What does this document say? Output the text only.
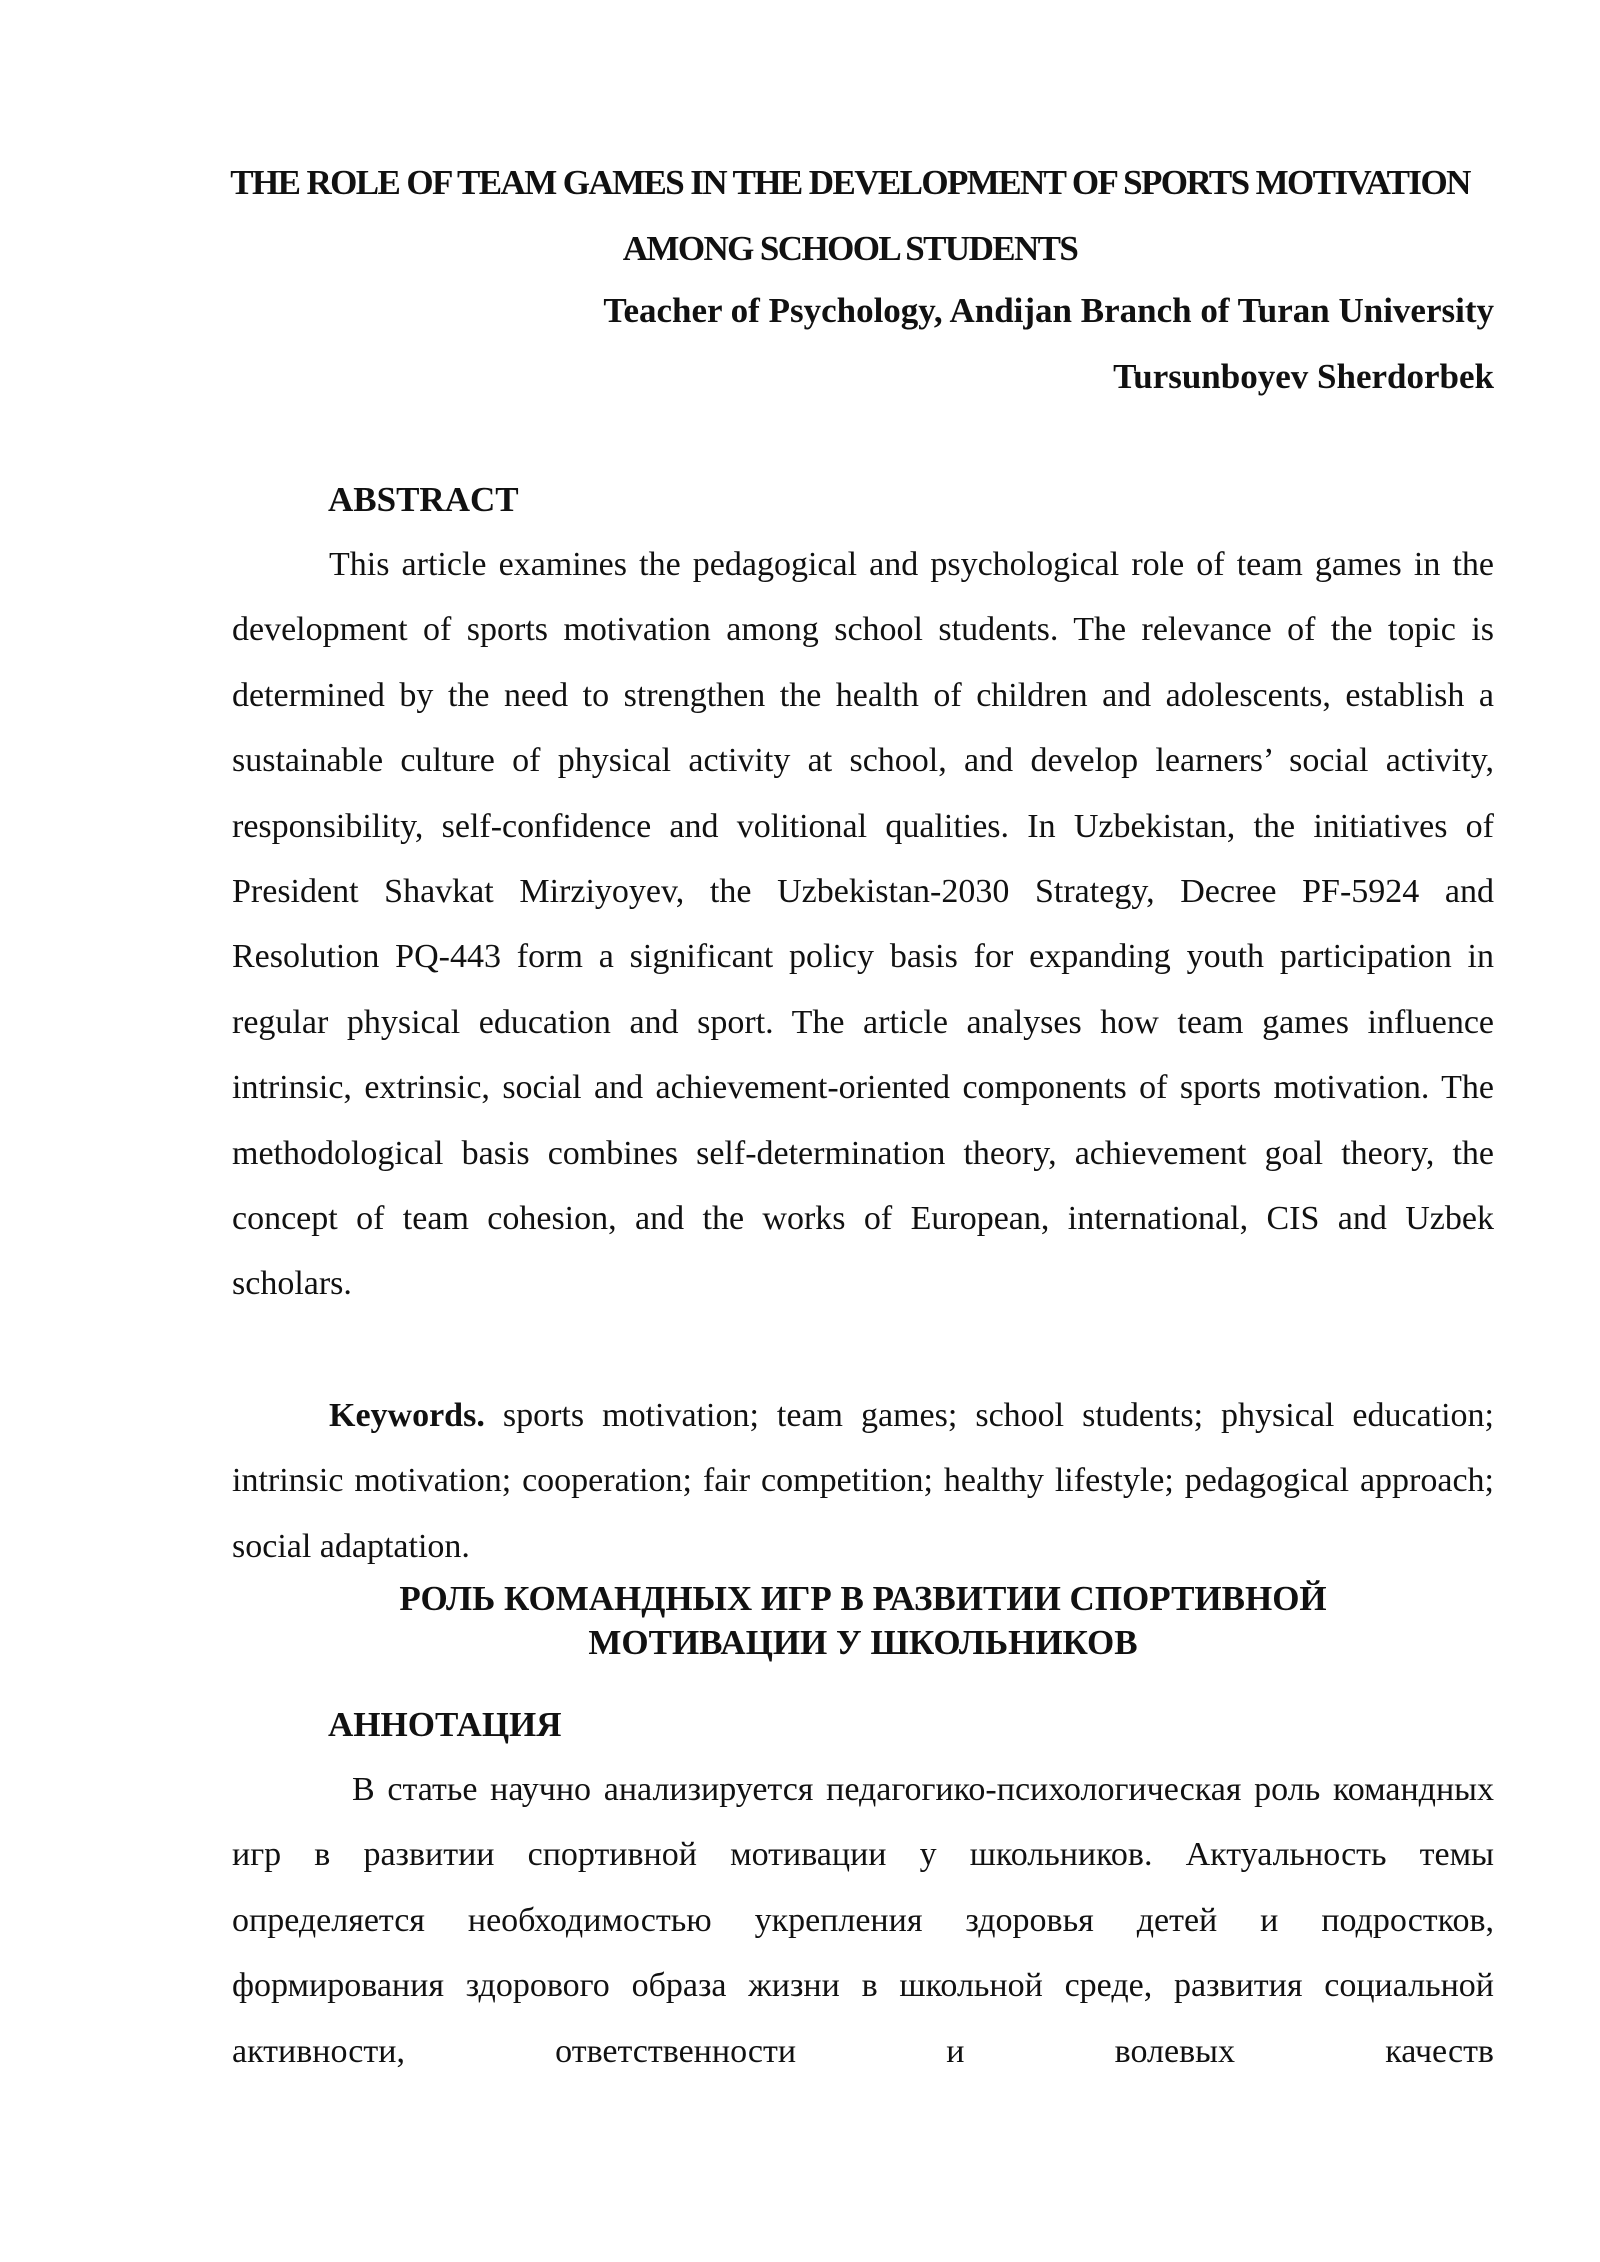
THE ROLE OF TEAM GAMES IN THE DEVELOPMENT OF SPORTS MOTIVATION AMONG SCHOOL STUDENTS

Teacher of Psychology, Andijan Branch of Turan University

Tursunboyev Sherdorbek

ABSTRACT

This article examines the pedagogical and psychological role of team games in the development of sports motivation among school students. The relevance of the topic is determined by the need to strengthen the health of children and adolescents, establish a sustainable culture of physical activity at school, and develop learners’ social activity, responsibility, self-confidence and volitional qualities. In Uzbekistan, the initiatives of President Shavkat Mirziyoyev, the Uzbekistan-2030 Strategy, Decree PF-5924 and Resolution PQ-443 form a significant policy basis for expanding youth participation in regular physical education and sport. The article analyses how team games influence intrinsic, extrinsic, social and achievement-oriented components of sports motivation. The methodological basis combines self-determination theory, achievement goal theory, the concept of team cohesion, and the works of European, international, CIS and Uzbek scholars.

Keywords. sports motivation; team games; school students; physical education; intrinsic motivation; cooperation; fair competition; healthy lifestyle; pedagogical approach; social adaptation.

РОЛЬ КОМАНДНЫХ ИГР В РАЗВИТИИ СПОРТИВНОЙ
МОТИВАЦИИ У ШКОЛЬНИКОВ
АННОТАЦИЯ

В статье научно анализируется педагогико-психологическая роль командных игр в развитии спортивной мотивации у школьников. Актуальность темы определяется необходимостью укрепления здоровья детей и подростков, формирования здорового образа жизни в школьной среде, развития социальной активности, ответственности и волевых качеств
